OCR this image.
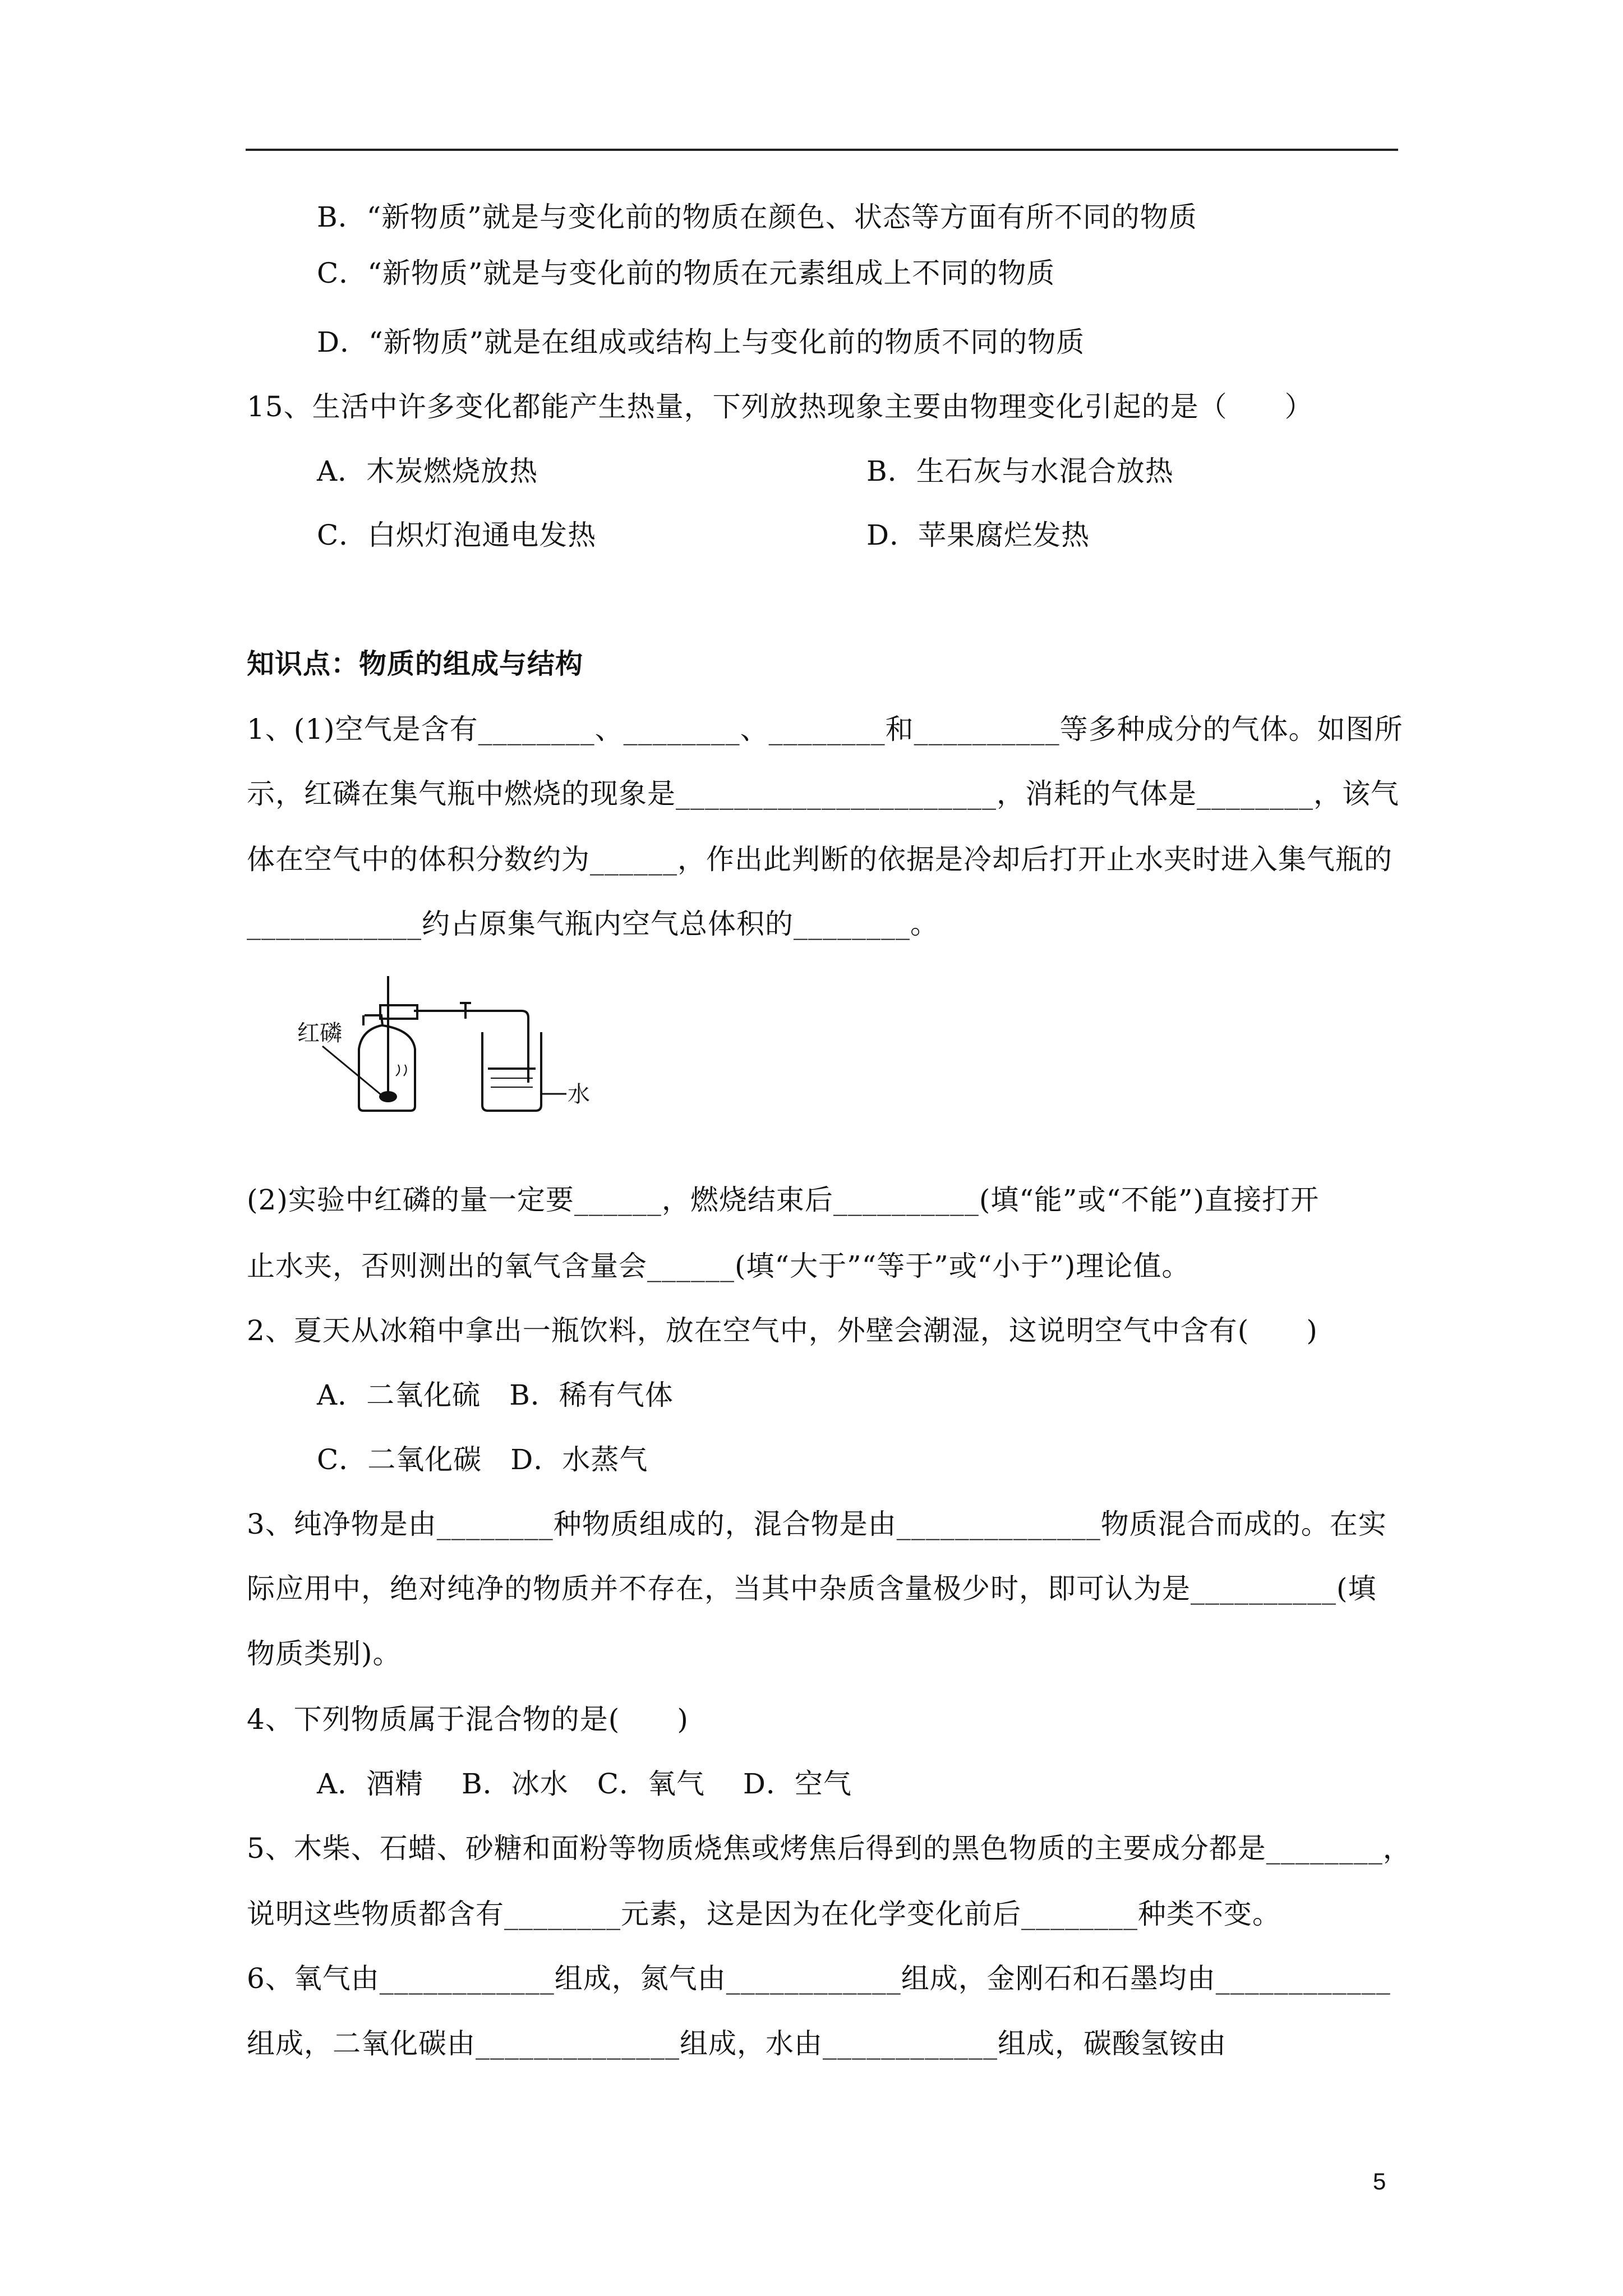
B．“新物质”就是与变化前的物质在颜色、状态等方面有所不同的物质
C．“新物质”就是与变化前的物质在元素组成上不同的物质
D．“新物质”就是在组成或结构上与变化前的物质不同的物质
15、生活中许多变化都能产生热量，下列放热现象主要由物理变化引起的是（　　）
A．木炭燃烧放热	B．生石灰与水混合放热
C．白炽灯泡通电发热	D．苹果腐烂发热
知识点：物质的组成与结构
1、(1)空气是含有________、________、________和__________等多种成分的气体。如图所
示，红磷在集气瓶中燃烧的现象是______________________，消耗的气体是________，该气
体在空气中的体积分数约为______，作出此判断的依据是冷却后打开止水夹时进入集气瓶的
____________约占原集气瓶内空气总体积的________。
红磷
水
(2)实验中红磷的量一定要______，燃烧结束后__________(填“能”或“不能”)直接打开
止水夹，否则测出的氧气含量会______(填“大于”“等于”或“小于”)理论值。
2、夏天从冰箱中拿出一瓶饮料，放在空气中，外壁会潮湿，这说明空气中含有(　　)
A．二氧化硫　B．稀有气体
C．二氧化碳　D．水蒸气
3、纯净物是由________种物质组成的，混合物是由______________物质混合而成的。在实
际应用中，绝对纯净的物质并不存在，当其中杂质含量极少时，即可认为是__________(填
物质类别)。
4、下列物质属于混合物的是(　　)
A．酒精　 B．冰水　C．氧气　 D．空气
5、木柴、石蜡、砂糖和面粉等物质烧焦或烤焦后得到的黑色物质的主要成分都是________，
说明这些物质都含有________元素，这是因为在化学变化前后________种类不变。
6、氧气由____________组成，氮气由____________组成，金刚石和石墨均由____________
组成，二氧化碳由______________组成，水由____________组成，碳酸氢铵由
5
